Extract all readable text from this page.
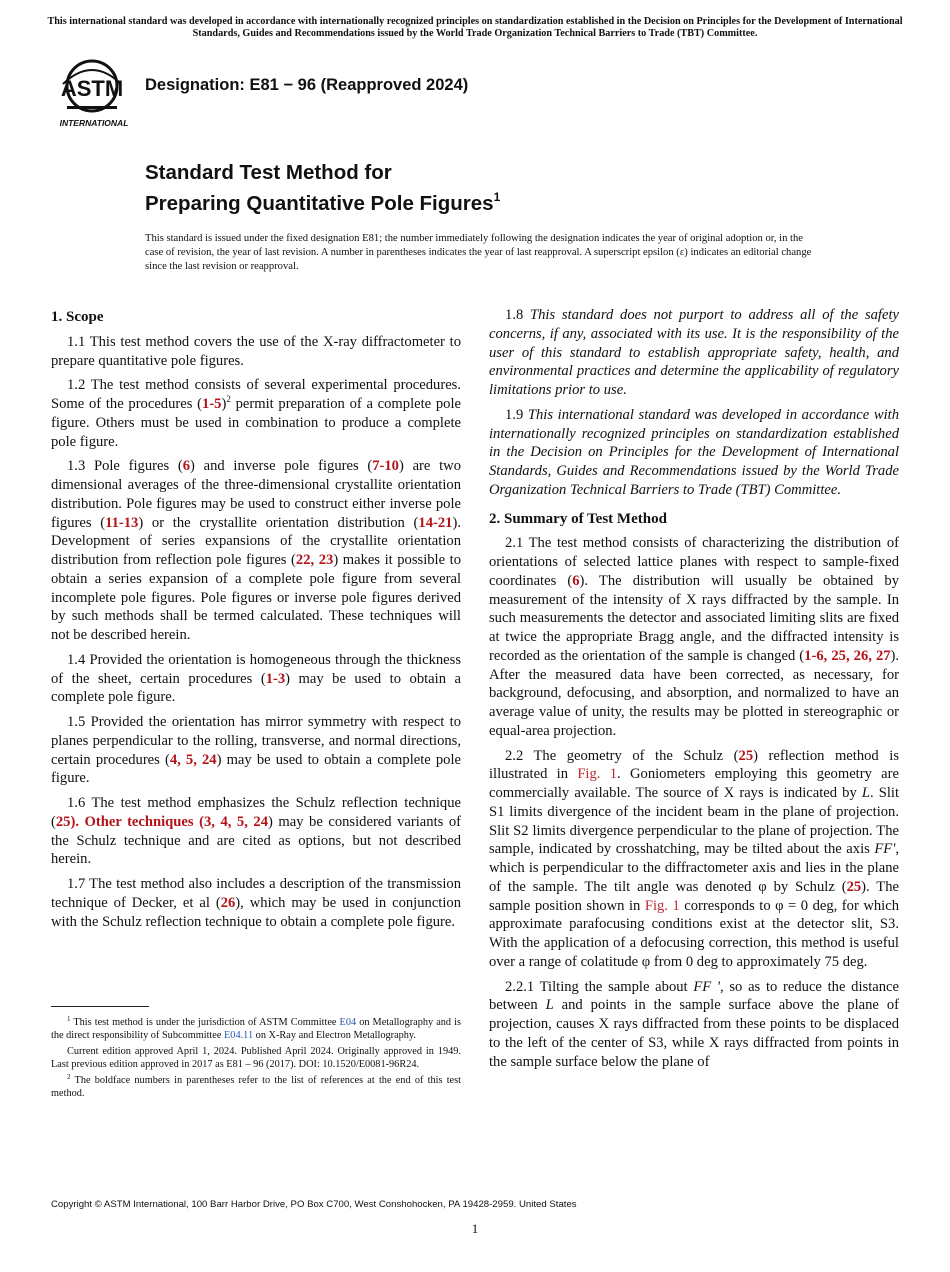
This international standard was developed in accordance with internationally recognized principles on standardization established in the Decision on Principles for the Development of International Standards, Guides and Recommendations issued by the World Trade Organization Technical Barriers to Trade (TBT) Committee.
ASTM
INTERNATIONAL
Designation: E81 − 96 (Reapproved 2024)
Standard Test Method for
Preparing Quantitative Pole Figures$^1$
This standard is issued under the fixed designation E81; the number immediately following the designation indicates the year of original adoption or, in the case of revision, the year of last revision. A number in parentheses indicates the year of last reapproval. A superscript epsilon (ε) indicates an editorial change since the last revision or reapproval.
1. Scope

1.1 This test method covers the use of the X-ray diffractometer to prepare quantitative pole figures.

1.2 The test method consists of several experimental procedures. Some of the procedures $(1-5)^2$ permit preparation of a complete pole figure. Others must be used in combination to produce a complete pole figure.

1.3 Pole figures (6) and inverse pole figures (7-10) are two dimensional averages of the three-dimensional crystallite orientation distribution. Pole figures may be used to construct either inverse pole figures (11-13) or the crystallite orientation distribution (14-21). Development of series expansions of the crystallite orientation distribution from reflection pole figures (22, 23) makes it possible to obtain a series expansion of a complete pole figure from several incomplete pole figures. Pole figures or inverse pole figures derived by such methods shall be termed calculated. These techniques will not be described herein.

1.4 Provided the orientation is homogeneous through the thickness of the sheet, certain procedures (1-3) may be used to obtain a complete pole figure.

1.5 Provided the orientation has mirror symmetry with respect to planes perpendicular to the rolling, transverse, and normal directions, certain procedures (4, 5, 24) may be used to obtain a complete pole figure.

1.6 The test method emphasizes the Schulz reflection technique (25). Other techniques (3, 4, 5, 24) may be considered variants of the Schulz technique and are cited as options, but not described herein.

1.7 The test method also includes a description of the transmission technique of Decker, et al (26), which may be used in conjunction with the Schulz reflection technique to obtain a complete pole figure.

1.8 This standard does not purport to address all of the safety concerns, if any, associated with its use. It is the responsibility of the user of this standard to establish appropriate safety, health, and environmental practices and determine the applicability of regulatory limitations prior to use.

1.9 This international standard was developed in accordance with internationally recognized principles on standardization established in the Decision on Principles for the Development of International Standards, Guides and Recommendations issued by the World Trade Organization Technical Barriers to Trade (TBT) Committee.

2. Summary of Test Method

2.1 The test method consists of characterizing the distribution of orientations of selected lattice planes with respect to sample-fixed coordinates (6). The distribution will usually be obtained by measurement of the intensity of X rays diffracted by the sample. In such measurements the detector and associated limiting slits are fixed at twice the appropriate Bragg angle, and the diffracted intensity is recorded as the orientation of the sample is changed (1-6, 25, 26, 27). After the measured data have been corrected, as necessary, for background, defocusing, and absorption, and normalized to have an average value of unity, the results may be plotted in stereographic or equal-area projection.

2.2 The geometry of the Schulz (25) reflection method is illustrated in Fig. 1. Goniometers employing this geometry are commercially available. The source of X rays is indicated by L. Slit S1 limits divergence of the incident beam in the plane of projection. Slit S2 limits divergence perpendicular to the plane of projection. The sample, indicated by crosshatching, may be tilted about the axis FF', which is perpendicular to the diffractometer axis and lies in the plane of the sample. The tilt angle was denoted φ by Schulz (25). The sample position shown in Fig. 1 corresponds to φ = 0 deg, for which approximate parafocusing conditions exist at the detector slit, S3. With the application of a defocusing correction, this method is useful over a range of colatitude φ from 0 deg to approximately 75 deg.

2.2.1 Tilting the sample about FF ', so as to reduce the distance between L and points in the sample surface above the plane of projection, causes X rays diffracted from these points to be displaced to the left of the center of S3, while X rays diffracted from points in the sample surface below the plane of

$^1$ This test method is under the jurisdiction of ASTM Committee E04 on Metallography and is the direct responsibility of Subcommittee E04.11 on X-Ray and Electron Metallography.

Current edition approved April 1, 2024. Published April 2024. Originally approved in 1949. Last previous edition approved in 2017 as E81 – 96 (2017). DOI: 10.1520/E0081-96R24.

$^2$ The boldface numbers in parentheses refer to the list of references at the end of this test method.

Copyright © ASTM International, 100 Barr Harbor Drive, PO Box C700, West Conshohocken, PA 19428-2959. United States
1
